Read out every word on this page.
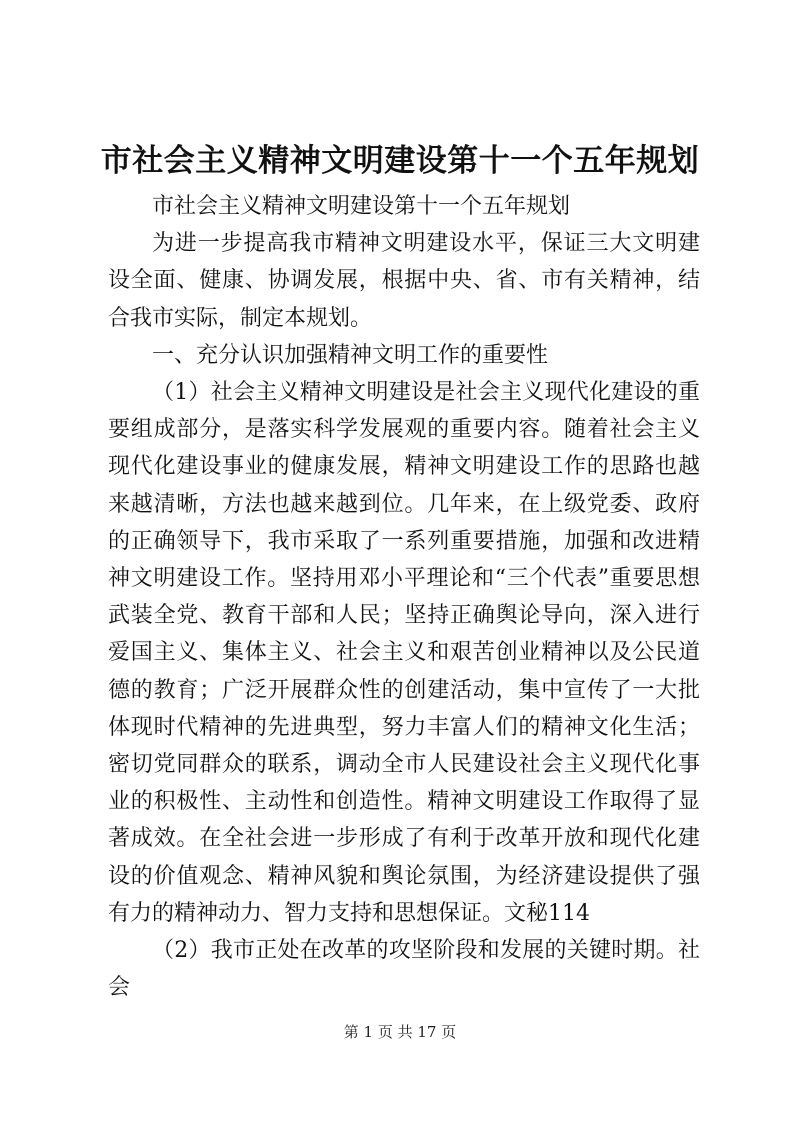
市社会主义精神文明建设第十一个五年规划

市社会主义精神文明建设第十一个五年规划

为进一步提高我市精神文明建设水平，保证三大文明建设全面、健康、协调发展，根据中央、省、市有关精神，结合我市实际，制定本规划。

一、充分认识加强精神文明工作的重要性

（1）社会主义精神文明建设是社会主义现代化建设的重要组成部分，是落实科学发展观的重要内容。随着社会主义现代化建设事业的健康发展，精神文明建设工作的思路也越来越清晰，方法也越来越到位。几年来，在上级党委、政府的正确领导下，我市采取了一系列重要措施，加强和改进精神文明建设工作。坚持用邓小平理论和“三个代表”重要思想武装全党、教育干部和人民；坚持正确舆论导向，深入进行爱国主义、集体主义、社会主义和艰苦创业精神以及公民道德的教育；广泛开展群众性的创建活动，集中宣传了一大批体现时代精神的先进典型，努力丰富人们的精神文化生活；密切党同群众的联系，调动全市人民建设社会主义现代化事业的积极性、主动性和创造性。精神文明建设工作取得了显著成效。在全社会进一步形成了有利于改革开放和现代化建设的价值观念、精神风貌和舆论氛围，为经济建设提供了强有力的精神动力、智力支持和思想保证。文秘114

（2）我市正处在改革的攻坚阶段和发展的关键时期。社会

第 1 页 共 17 页
